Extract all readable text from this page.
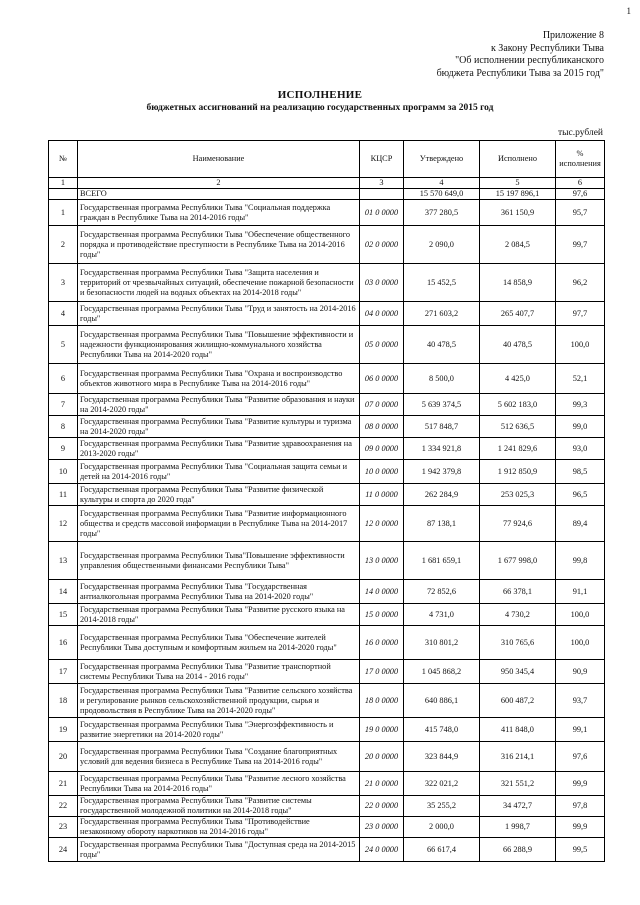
1
Приложение 8
к Закону Республики Тыва
"Об исполнении республиканского
бюджета Республики Тыва за 2015 год"
ИСПОЛНЕНИЕ
бюджетных ассигнований на реализацию государственных программ за 2015 год
тыс.рублей
№	Наименование	КЦСР	Утверждено	Исполнено	% исполнения
1	2	3	4	5	6
	ВСЕГО		15 570 649,0	15 197 896,1	97,6
1	Государственная программа Республики Тыва "Социальная поддержка граждан в Республике Тыва на 2014-2016 годы"	01 0 0000	377 280,5	361 150,9	95,7
2	Государственная программа Республики Тыва "Обеспечение общественного порядка и противодействие преступности в Республике Тыва на 2014-2016 годы"	02 0 0000	2 090,0	2 084,5	99,7
3	Государственная программа Республики Тыва "Защита населения и территорий от чрезвычайных ситуаций, обеспечение пожарной безопасности и безопасности людей на водных объектах на 2014-2018 годы"	03 0 0000	15 452,5	14 858,9	96,2
4	Государственная программа Республики Тыва "Труд и занятость на 2014-2016 годы"	04 0 0000	271 603,2	265 407,7	97,7
5	Государственная программа Республики Тыва "Повышение эффективности и надежности функционирования жилищно-коммунального хозяйства Республики Тыва на 2014-2020 годы"	05 0 0000	40 478,5	40 478,5	100,0
6	Государственная программа Республики Тыва "Охрана и воспроизводство объектов животного мира в Республике Тыва на 2014-2016 годы"	06 0 0000	8 500,0	4 425,0	52,1
7	Государственная программа Республики Тыва "Развитие образования и науки на 2014-2020 годы"	07 0 0000	5 639 374,5	5 602 183,0	99,3
8	Государственная программа Республики Тыва "Развитие культуры и туризма на 2014-2020 годы"	08 0 0000	517 848,7	512 636,5	99,0
9	Государственная программа Республики Тыва "Развитие здравоохранения на 2013-2020 годы"	09 0 0000	1 334 921,8	1 241 829,6	93,0
10	Государственная программа Республики Тыва "Социальная защита семьи и детей на 2014-2016 годы"	10 0 0000	1 942 379,8	1 912 850,9	98,5
11	Государственная программа Республики Тыва "Развитие физической культуры и спорта до 2020 года"	11 0 0000	262 284,9	253 025,3	96,5
12	Государственная программа Республики Тыва "Развитие информационного общества и средств массовой информации в Республике Тыва на 2014-2017 годы"	12 0 0000	87 138,1	77 924,6	89,4
13	Государственная программа Республики Тыва"Повышение эффективности управления общественными финансами Республики Тыва"	13 0 0000	1 681 659,1	1 677 998,0	99,8
14	Государственная программа Республики Тыва "Государственная антиалкогольная программа Республики Тыва на 2014-2020 годы"	14 0 0000	72 852,6	66 378,1	91,1
15	Государственная программа Республики Тыва "Развитие русского языка на 2014-2018 годы"	15 0 0000	4 731,0	4 730,2	100,0
16	Государственная программа Республики Тыва "Обеспечение жителей Республики Тыва доступным и комфортным жильем на 2014-2020 годы"	16 0 0000	310 801,2	310 765,6	100,0
17	Государственная программа Республики Тыва "Развитие транспортной системы Республики Тыва на 2014 - 2016 годы"	17 0 0000	1 045 868,2	950 345,4	90,9
18	Государственная программа Республики Тыва "Развитие сельского хозяйства и регулирование рынков сельскохозяйственной продукции, сырья и продовольствия в Республике Тыва на 2014-2020 годы"	18 0 0000	640 886,1	600 487,2	93,7
19	Государственная программа Республики Тыва "Энергоэффективность и развитие энергетики на 2014-2020 годы"	19 0 0000	415 748,0	411 848,0	99,1
20	Государственная программа Республики Тыва "Создание благоприятных условий для ведения бизнеса в Республике Тыва на 2014-2016 годы"	20 0 0000	323 844,9	316 214,1	97,6
21	Государственная программа Республики Тыва "Развитие лесного хозяйства Республики Тыва на 2014-2016 годы"	21 0 0000	322 021,2	321 551,2	99,9
22	Государственная программа Республики Тыва "Развитие системы государственной молодежной политики на 2014-2018 годы"	22 0 0000	35 255,2	34 472,7	97,8
23	Государственная программа Республики Тыва "Противодействие незаконному обороту наркотиков на 2014-2016 годы"	23 0 0000	2 000,0	1 998,7	99,9
24	Государственная программа Республики Тыва "Доступная среда на 2014-2015 годы"	24 0 0000	66 617,4	66 288,9	99,5
